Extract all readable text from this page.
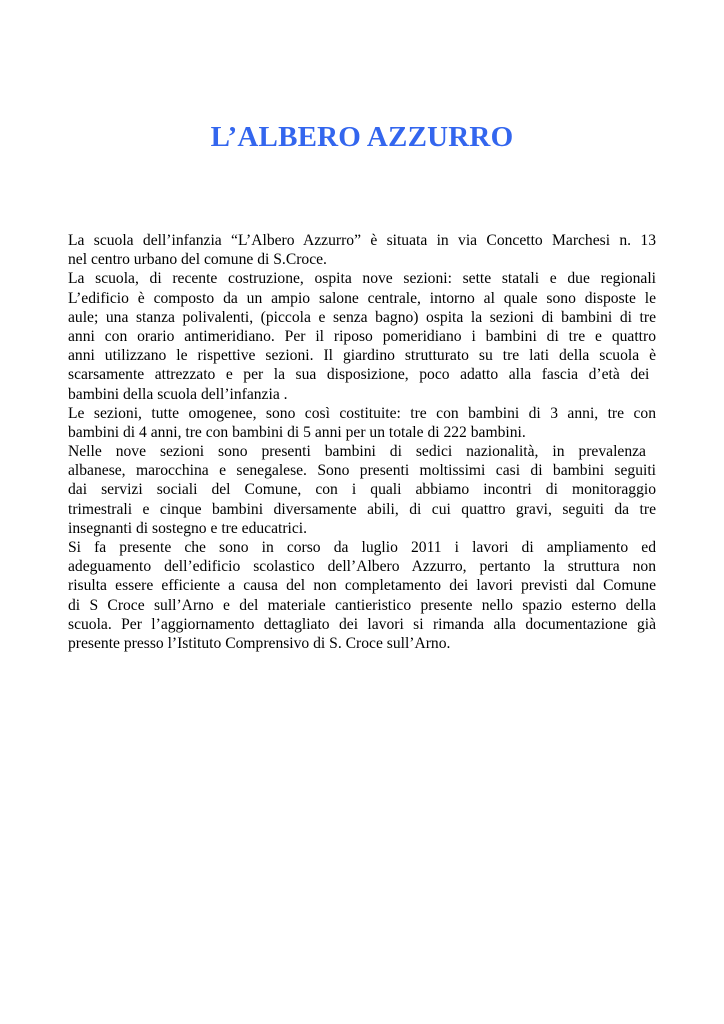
L’ALBERO AZZURRO
La scuola dell’infanzia “L’Albero Azzurro” è situata in via Concetto Marchesi n. 13
nel centro urbano del comune di S.Croce.
La scuola, di recente costruzione, ospita nove sezioni: sette statali e due regionali
L’edificio è composto da un ampio salone centrale, intorno al quale sono disposte le
aule; una stanza polivalenti, (piccola e senza bagno) ospita la sezioni di bambini di tre
anni con orario antimeridiano. Per il riposo pomeridiano i bambini di tre e quattro
anni utilizzano le rispettive sezioni. Il giardino strutturato su tre lati della scuola è
scarsamente attrezzato e per la sua disposizione, poco adatto alla fascia d’età dei
bambini della scuola dell’infanzia .
Le sezioni, tutte omogenee, sono così costituite: tre con bambini di 3 anni, tre con
bambini di 4 anni, tre con bambini di 5 anni per un totale di 222 bambini.
Nelle nove sezioni sono presenti bambini di sedici nazionalità, in prevalenza
albanese, marocchina e senegalese. Sono presenti moltissimi casi di bambini seguiti
dai servizi sociali del Comune, con i quali abbiamo incontri di monitoraggio
trimestrali e cinque bambini diversamente abili, di cui quattro gravi, seguiti da tre
insegnanti di sostegno e tre educatrici.
Si fa presente che sono in corso da luglio 2011 i lavori di ampliamento ed
adeguamento dell’edificio scolastico dell’Albero Azzurro, pertanto la struttura non
risulta essere efficiente a causa del non completamento dei lavori previsti dal Comune
di S Croce sull’Arno e del materiale cantieristico presente nello spazio esterno della
scuola. Per l’aggiornamento dettagliato dei lavori si rimanda alla documentazione già
presente presso l’Istituto Comprensivo di S. Croce sull’Arno.
